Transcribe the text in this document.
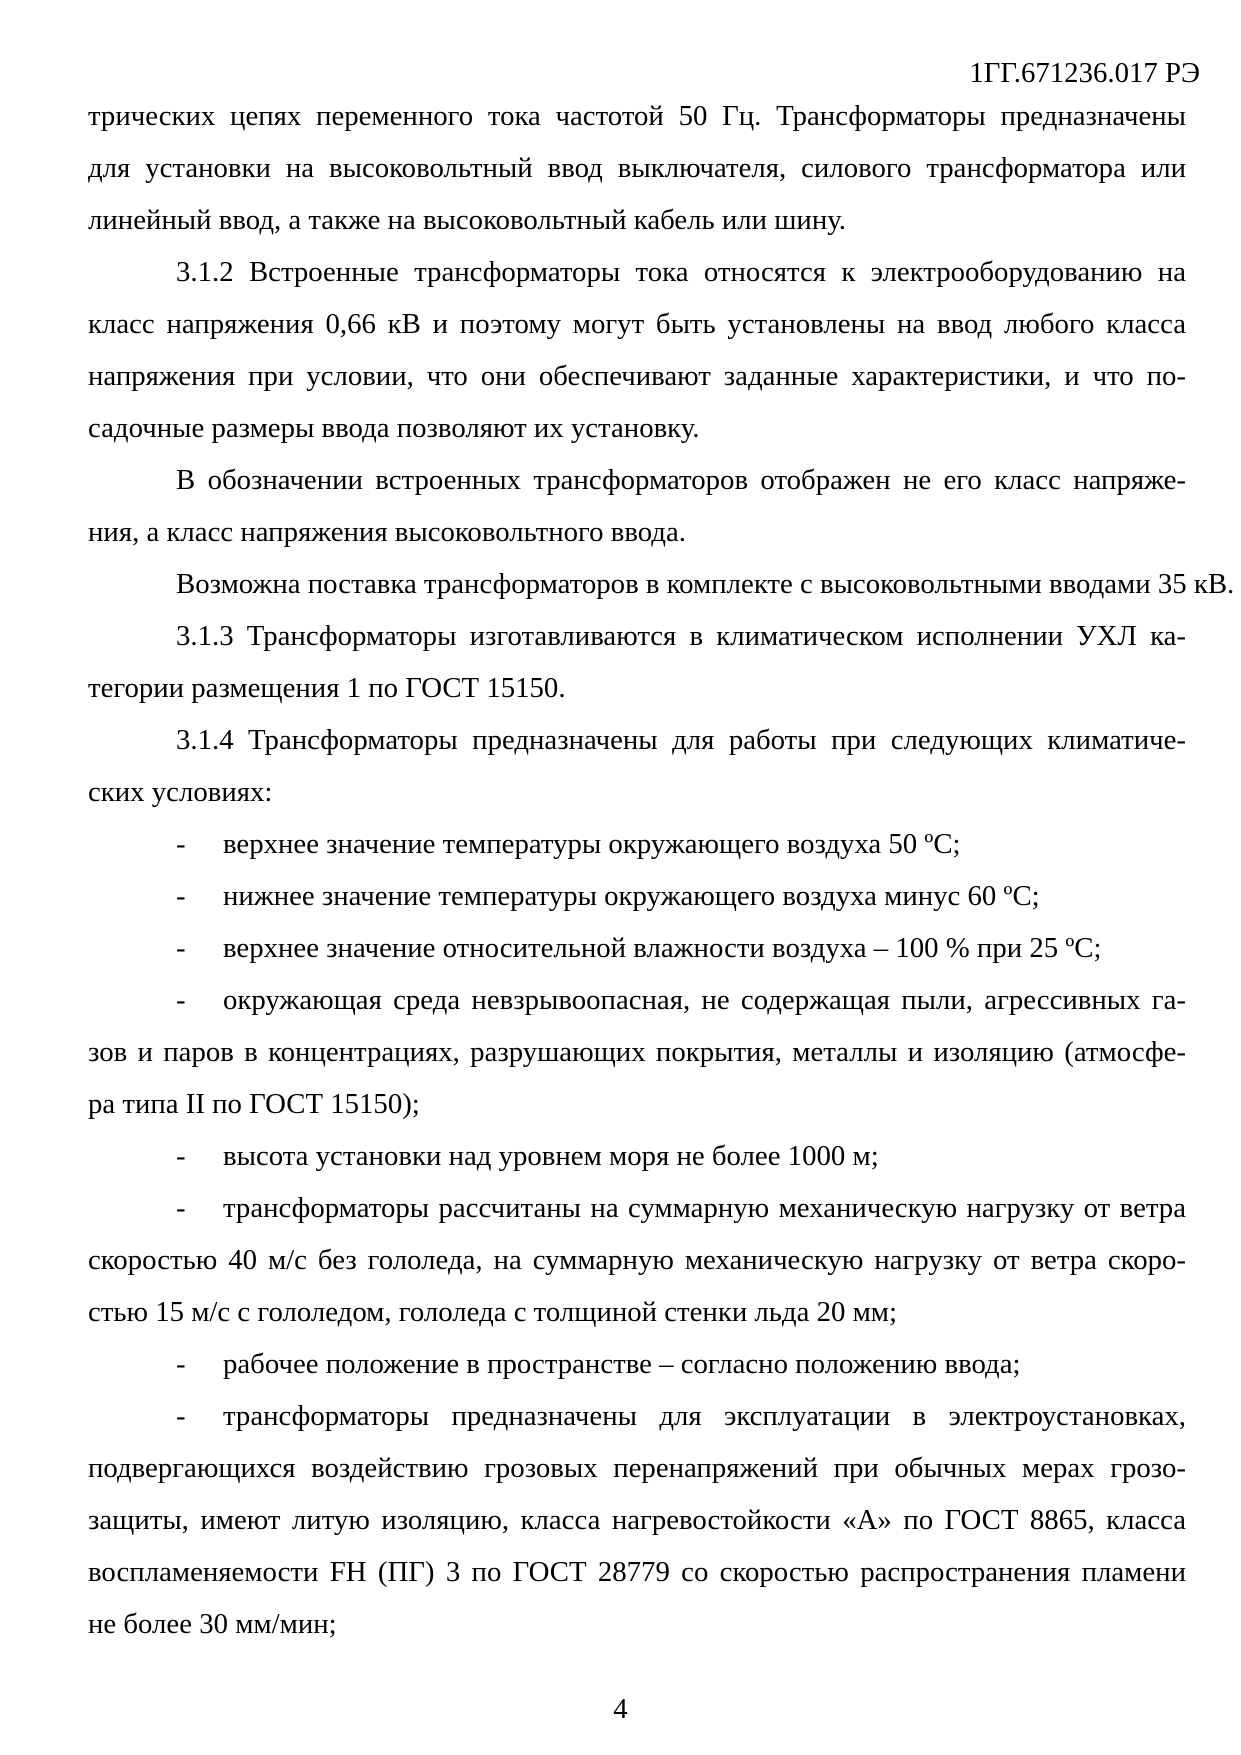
1ГГ.671236.017 РЭ
трических цепях переменного тока частотой 50 Гц. Трансформаторы предназначены
для установки на высоковольтный ввод выключателя, силового трансформатора или
линейный ввод, а также на высоковольтный кабель или шину.
3.1.2 Встроенные трансформаторы тока относятся к электрооборудованию на
класс напряжения 0,66 кВ и поэтому могут быть установлены на ввод любого класса
напряжения при условии, что они обеспечивают заданные характеристики, и что по-
садочные размеры ввода позволяют их установку.
В обозначении встроенных трансформаторов отображен не его класс напряже-
ния, а класс напряжения высоковольтного ввода.
Возможна поставка трансформаторов в комплекте с высоковольтными вводами 35 кВ.
3.1.3 Трансформаторы изготавливаются в климатическом исполнении УХЛ ка-
тегории размещения 1 по ГОСТ 15150.
3.1.4 Трансформаторы предназначены для работы при следующих климатиче-
ских условиях:
- верхнее значение температуры окружающего воздуха 50 ºС;
- нижнее значение температуры окружающего воздуха минус 60 ºС;
- верхнее значение относительной влажности воздуха – 100 % при 25 ºС;
- окружающая среда невзрывоопасная, не содержащая пыли, агрессивных га-
зов и паров в концентрациях, разрушающих покрытия, металлы и изоляцию (атмосфе-
ра типа II по ГОСТ 15150);
- высота установки над уровнем моря не более 1000 м;
- трансформаторы рассчитаны на суммарную механическую нагрузку от ветра
скоростью 40 м/с без гололеда, на суммарную механическую нагрузку от ветра скоро-
стью 15 м/с с гололедом, гололеда с толщиной стенки льда 20 мм;
- рабочее положение в пространстве – согласно положению ввода;
- трансформаторы предназначены для эксплуатации в электроустановках,
подвергающихся воздействию грозовых перенапряжений при обычных мерах грозо-
защиты, имеют литую изоляцию, класса нагревостойкости «А» по ГОСТ 8865, класса
воспламеняемости FH (ПГ) 3 по ГОСТ 28779 со скоростью распространения пламени
не более 30 мм/мин;
4
